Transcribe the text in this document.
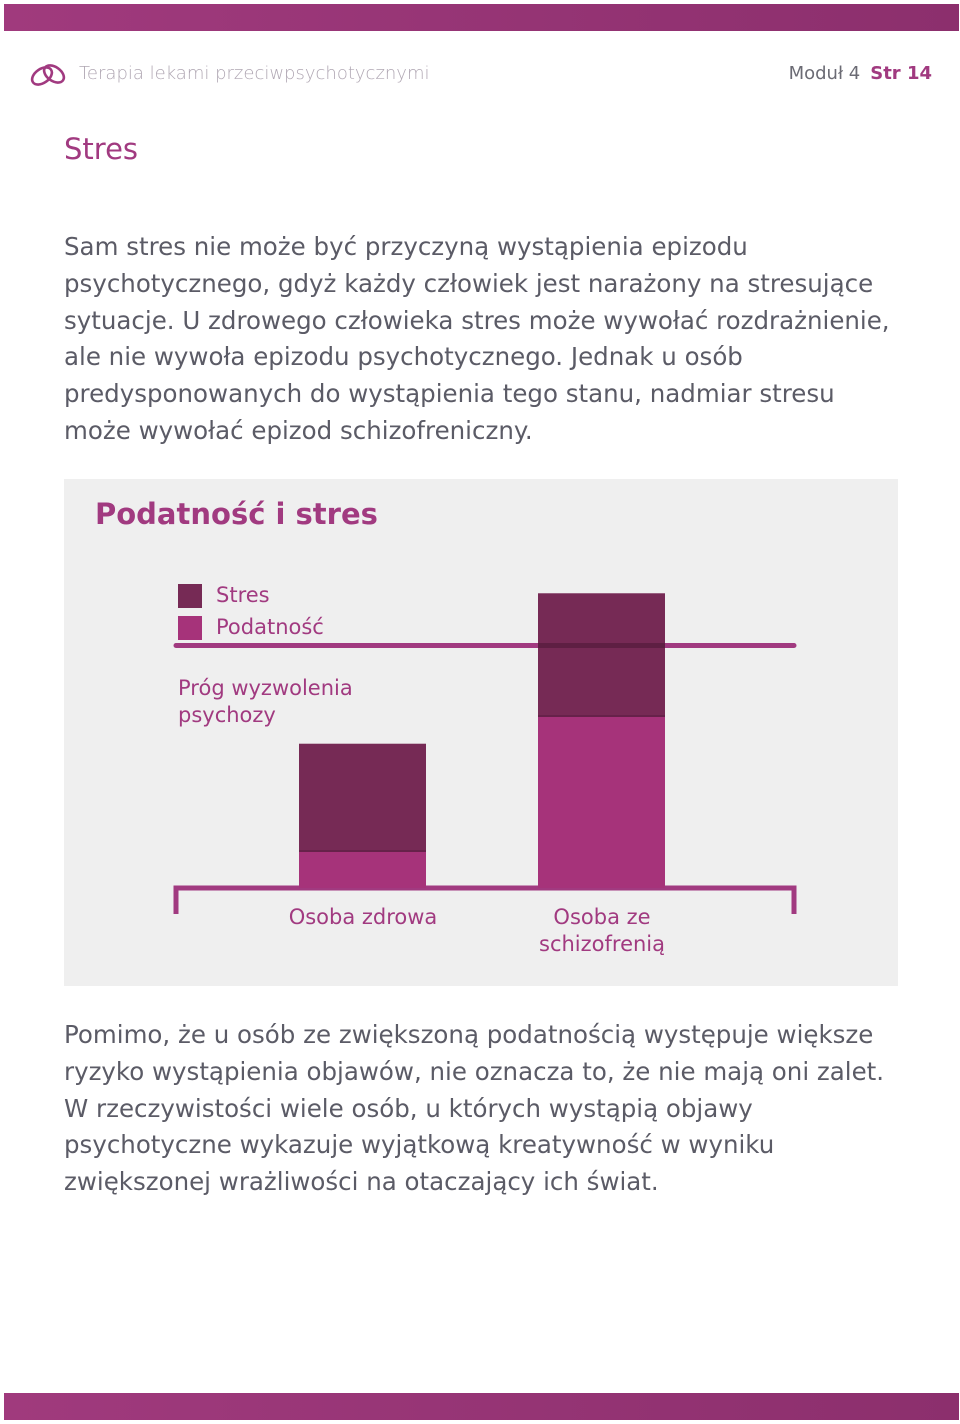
Terapia lekami przeciwpsychotycznymi	Moduł 4 Str 14
Stres

Sam stres nie może być przyczyną wystąpienia epizodu psychotycznego, gdyż każdy człowiek jest narażony na stresujące sytuacje. U zdrowego człowieka stres może wywołać rozdrażnienie, ale nie wywoła epizodu psychotycznego. Jednak u osób predysponowanych do wystąpienia tego stanu, nadmiar stresu może wywołać epizod schizofreniczny.

Podatność i stres
Stres
Podatność
Próg wyzwolenia psychozy
Osoba zdrowa	Osoba ze
schizofrenią

Pomimo, że u osób ze zwiększoną podatnością występuje większe ryzyko wystąpienia objawów, nie oznacza to, że nie mają oni zalet. W rzeczywistości wiele osób, u których wystąpią objawy psychotyczne wykazuje wyjątkową kreatywność w wyniku zwiększonej wrażliwości na otaczający ich świat.
